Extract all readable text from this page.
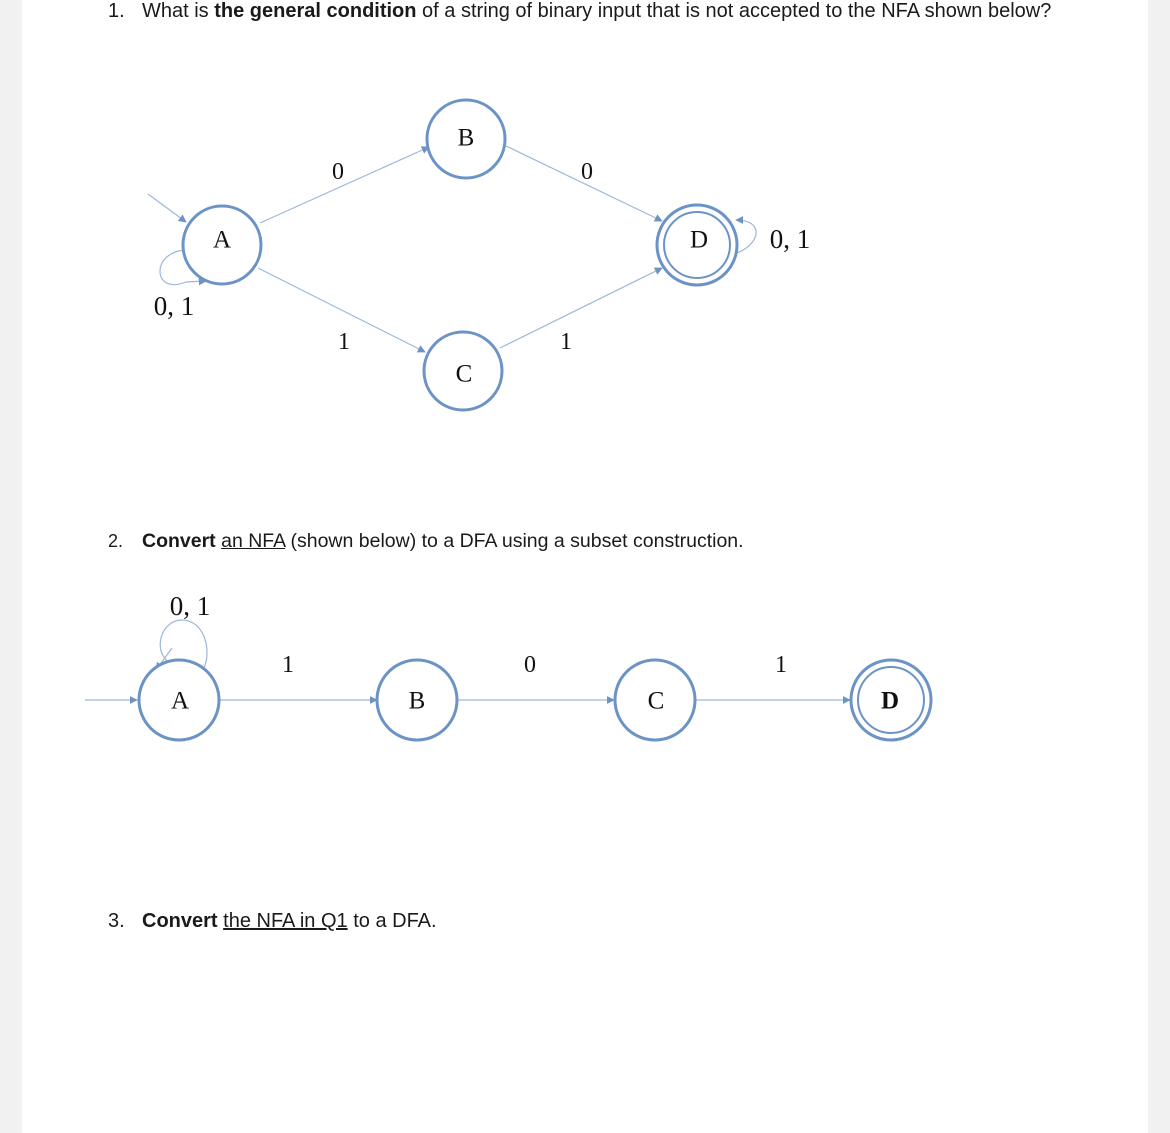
1. What is the general condition of a string of binary input that is not accepted to the NFA shown below?
2. Convert an NFA (shown below) to a DFA using a subset construction.
3. Convert the NFA in Q1 to a DFA.
A
B
C
D
0, 1
0	0
1	1
0, 1
A	B	C	D
0, 1
1	0	1
